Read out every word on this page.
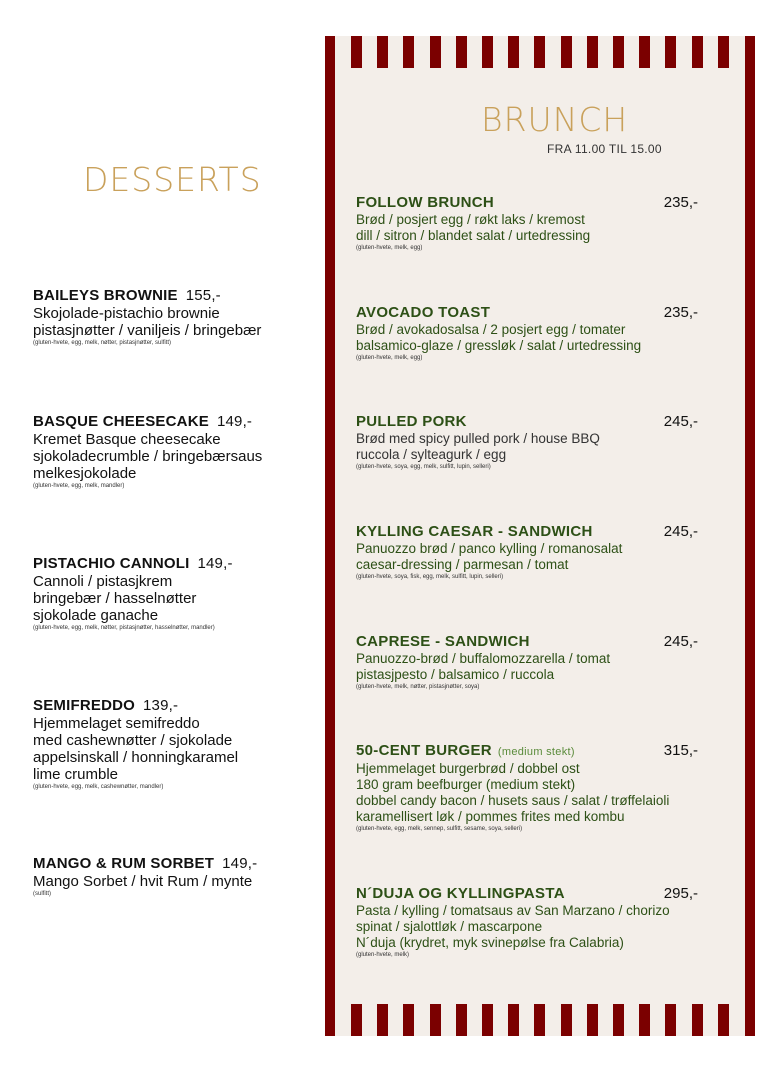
DESSERTS
BAILEYS BROWNIE 155,-
Skojolade-pistachio brownie
pistasjnøtter / vaniljeis / bringebær
(gluten-hvete, egg, melk, nøtter, pistasjnøtter, sulfitt)
BASQUE CHEESECAKE 149,-
Kremet Basque cheesecake
sjokoladecrumble / bringebærsaus
melkesjokolade
(gluten-hvete, egg, melk, mandler)
PISTACHIO CANNOLI 149,-
Cannoli / pistasjkrem
bringebær / hasselnøtter
sjokolade ganache
(gluten-hvete, egg, melk, nøtter, pistasjnøtter, hasselnøtter, mandler)
SEMIFREDDO 139,-
Hjemmelaget semifreddo
med cashewnøtter / sjokolade
appelsinskall / honningkaramel
lime crumble
(gluten-hvete, egg, melk, cashewnøtter, mandler)
MANGO & RUM SORBET 149,-
Mango Sorbet / hvit Rum / mynte
(sulfitt)
BRUNCH
FRA 11.00 TIL 15.00
FOLLOW BRUNCH	235,-
Brød / posjert egg / røkt laks / kremost
dill / sitron / blandet salat / urtedressing
(gluten-hvete, melk, egg)
AVOCADO TOAST	235,-
Brød / avokadosalsa / 2 posjert egg / tomater
balsamico-glaze / gressløk / salat / urtedressing
(gluten-hvete, melk, egg)
PULLED PORK	245,-
Brød med spicy pulled pork / house BBQ
ruccola / sylteagurk / egg
(gluten-hvete, soya, egg, melk, sulfitt, lupin, selleri)
KYLLING CAESAR - SANDWICH	245,-
Panuozzo brød / panco kylling / romanosalat
caesar-dressing / parmesan / tomat
(gluten-hvete, soya, fisk, egg, melk, sulfitt, lupin, selleri)
CAPRESE - SANDWICH	245,-
Panuozzo-brød / buffalomozzarella / tomat
pistasjpesto / balsamico / ruccola
(gluten-hvete, melk, nøtter, pistasjnøtter, soya)
50-CENT BURGER (medium stekt)	315,-
Hjemmelaget burgerbrød / dobbel ost
180 gram beefburger (medium stekt)
dobbel candy bacon / husets saus / salat / trøffelaioli
karamellisert løk / pommes frites med kombu
(gluten-hvete, egg, melk, sennep, sulfitt, sesame, soya, selleri)
N´DUJA OG KYLLINGPASTA	295,-
Pasta / kylling / tomatsaus av San Marzano / chorizo
spinat / sjalottløk / mascarpone
N´duja (krydret, myk svinepølse fra Calabria)
(gluten-hvete, melk)
